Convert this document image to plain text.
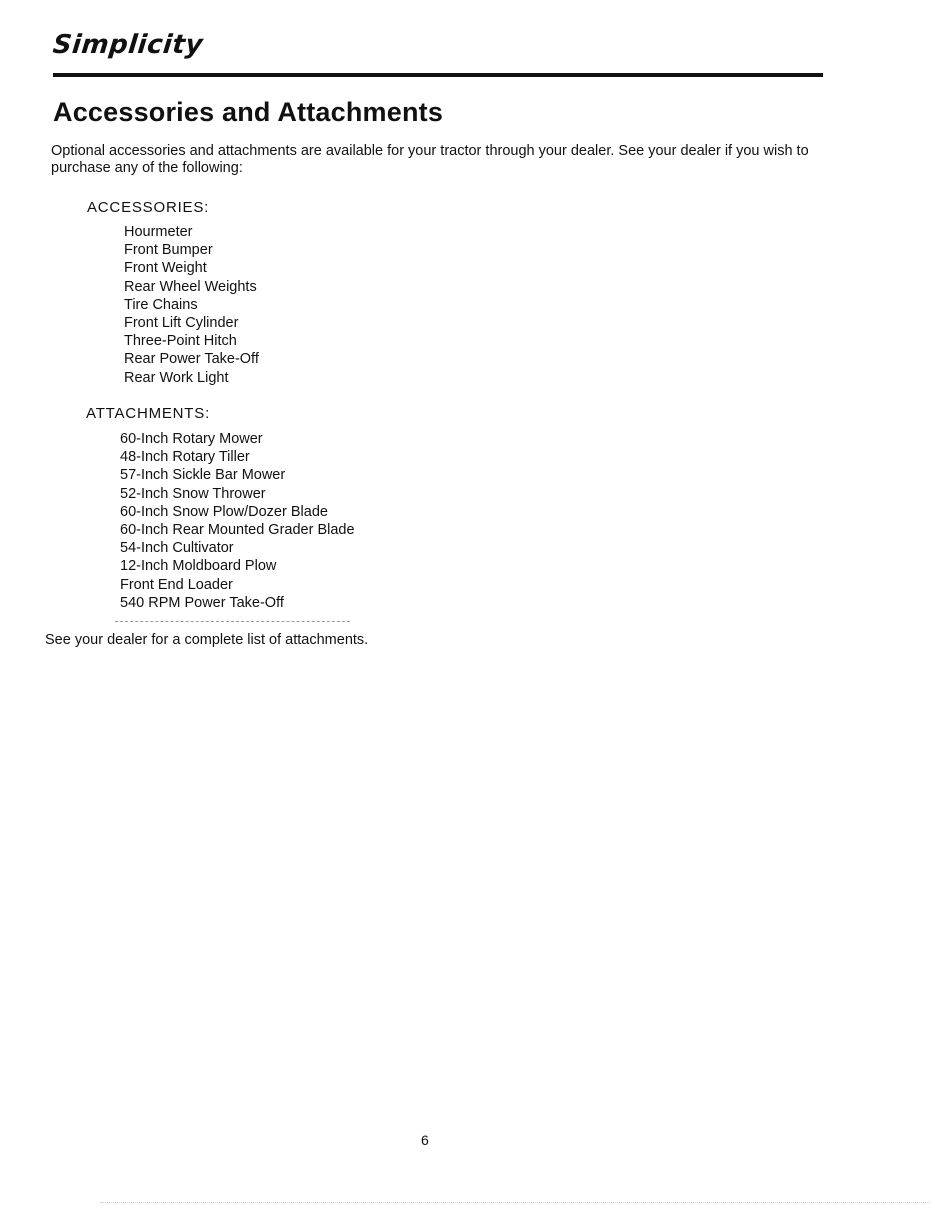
Simplicity
Accessories and Attachments

Optional accessories and attachments are available for your tractor through your dealer. See your dealer if you wish to purchase any of the following:

ACCESSORIES:
Hourmeter
Front Bumper
Front Weight
Rear Wheel Weights
Tire Chains
Front Lift Cylinder
Three-Point Hitch
Rear Power Take-Off
Rear Work Light
ATTACHMENTS:
60-Inch Rotary Mower
48-Inch Rotary Tiller
57-Inch Sickle Bar Mower
52-Inch Snow Thrower
60-Inch Snow Plow/Dozer Blade
60-Inch Rear Mounted Grader Blade
54-Inch Cultivator
12-Inch Moldboard Plow
Front End Loader
540 RPM Power Take-Off

See your dealer for a complete list of attachments.

6
